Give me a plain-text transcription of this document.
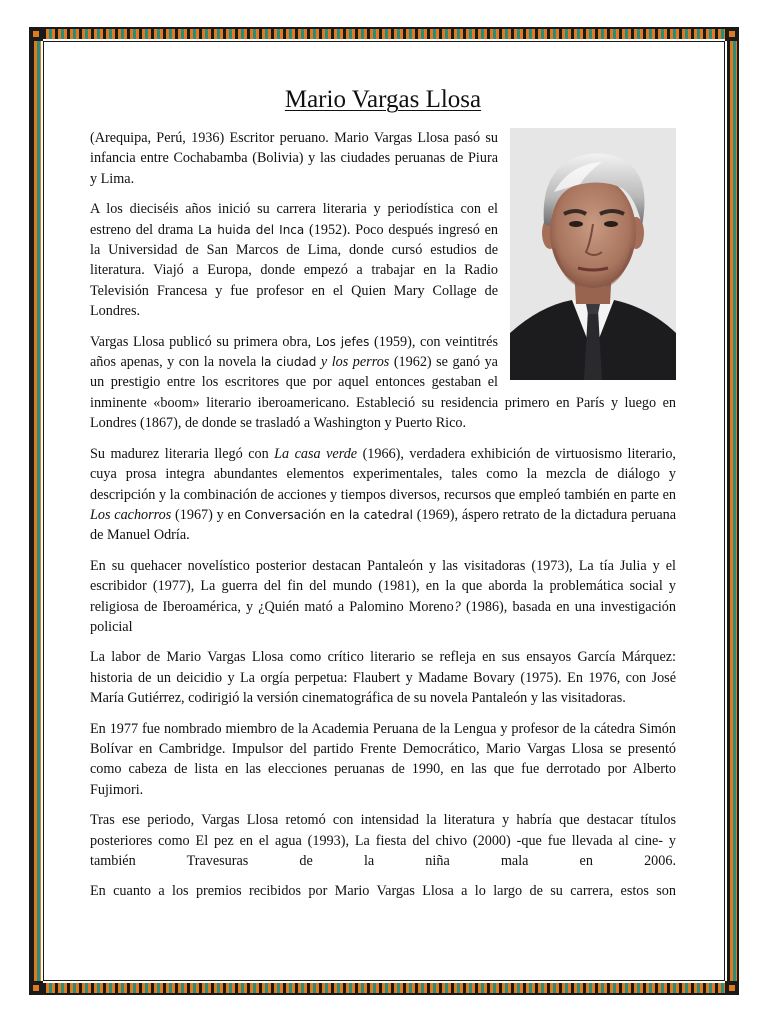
Mario Vargas Llosa

(Arequipa, Perú, 1936) Escritor peruano. Mario Vargas Llosa pasó su infancia entre Cochabamba (Bolivia) y las ciudades peruanas de Piura y Lima.

A los dieciséis años inició su carrera literaria y periodística con el estreno del drama La huida del Inca (1952). Poco después ingresó en la Universidad de San Marcos de Lima, donde cursó estudios de literatura. Viajó a Europa, donde empezó a trabajar en la Radio Televisión Francesa y fue profesor en el Quien Mary Collage de Londres.

Vargas Llosa publicó su primera obra, Los jefes (1959), con veintitrés años apenas, y con la novela la ciudad y los perros (1962) se ganó ya un prestigio entre los escritores que por aquel entonces gestaban el inminente «boom» literario iberoamericano. Estableció su residencia primero en París y luego en Londres (1867), de donde se trasladó a Washington y Puerto Rico.

Su madurez literaria llegó con La casa verde (1966), verdadera exhibición de virtuosismo literario, cuya prosa integra abundantes elementos experimentales, tales como la mezcla de diálogo y descripción y la combinación de acciones y tiempos diversos, recursos que empleó también en parte en Los cachorros (1967) y en Conversación en la catedral (1969), áspero retrato de la dictadura peruana de Manuel Odría.

En su quehacer novelístico posterior destacan Pantaleón y las visitadoras (1973), La tía Julia y el escribidor (1977), La guerra del fin del mundo (1981), en la que aborda la problemática social y religiosa de Iberoamérica, y ¿Quién mató a Palomino Moreno? (1986), basada en una investigación policial

La labor de Mario Vargas Llosa como crítico literario se refleja en sus ensayos García Márquez: historia de un deicidio y La orgía perpetua: Flaubert y Madame Bovary (1975). En 1976, con José María Gutiérrez, codirigió la versión cinematográfica de su novela Pantaleón y las visitadoras.

En 1977 fue nombrado miembro de la Academia Peruana de la Lengua y profesor de la cátedra Simón Bolívar en Cambridge. Impulsor del partido Frente Democrático, Mario Vargas Llosa se presentó como cabeza de lista en las elecciones peruanas de 1990, en las que fue derrotado por Alberto Fujimori.

Tras ese periodo, Vargas Llosa retomó con intensidad la literatura y habría que destacar títulos posteriores como El pez en el agua (1993), La fiesta del chivo (2000) -que fue llevada al cine- y también Travesuras de la niña mala en 2006.

En cuanto a los premios recibidos por Mario Vargas Llosa a lo largo de su carrera, estos son
